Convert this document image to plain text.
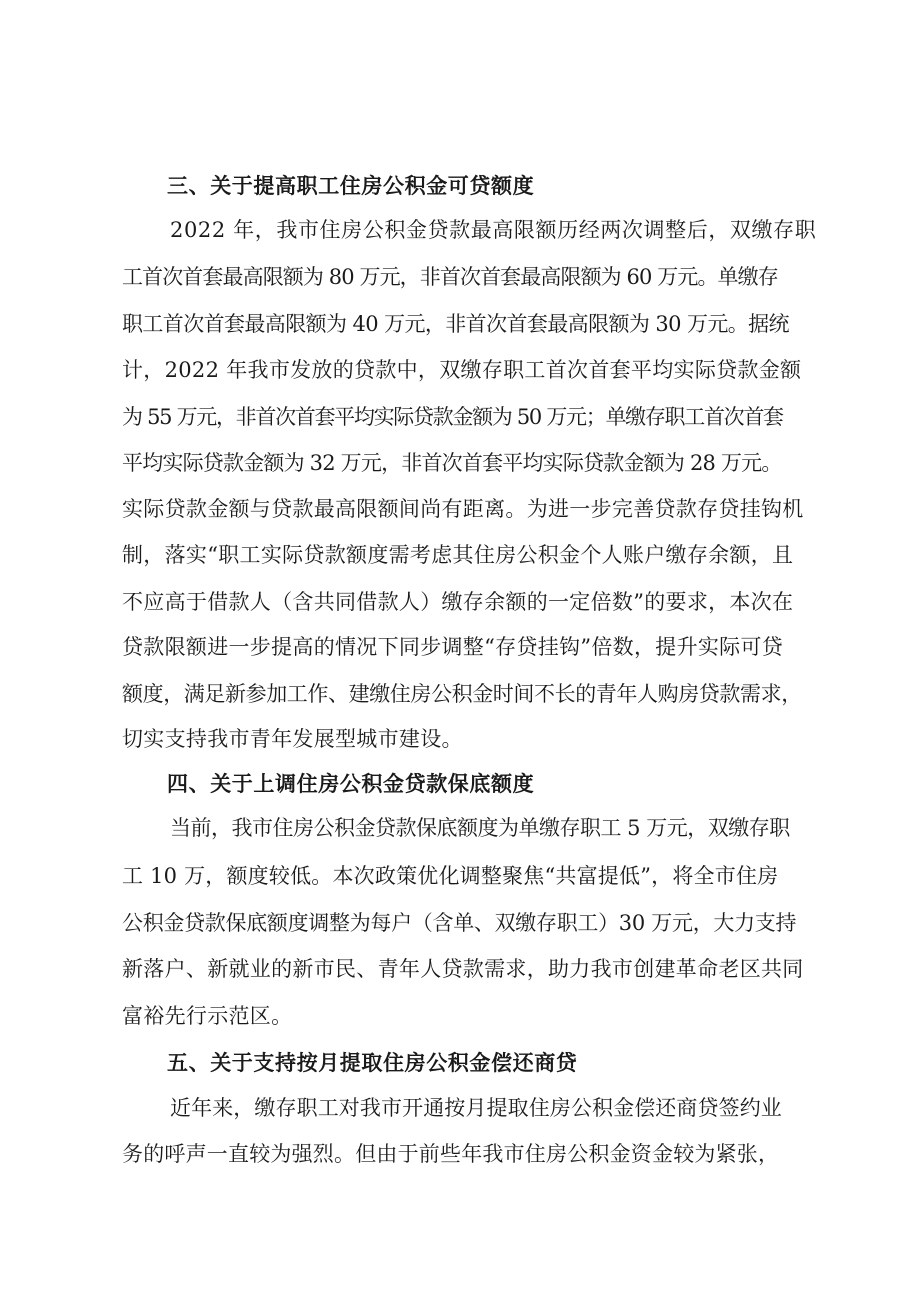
三、关于提高职工住房公积金可贷额度

2022 年，我市住房公积金贷款最高限额历经两次调整后，双缴存职

工首次首套最高限额为 80 万元，非首次首套最高限额为 60 万元。单缴存

职工首次首套最高限额为 40 万元，非首次首套最高限额为 30 万元。据统

计，2022 年我市发放的贷款中，双缴存职工首次首套平均实际贷款金额

为 55 万元，非首次首套平均实际贷款金额为 50 万元；单缴存职工首次首套

平均实际贷款金额为 32 万元，非首次首套平均实际贷款金额为 28 万元。

实际贷款金额与贷款最高限额间尚有距离。为进一步完善贷款存贷挂钩机

制，落实“职工实际贷款额度需考虑其住房公积金个人账户缴存余额，且

不应高于借款人（含共同借款人）缴存余额的一定倍数”的要求，本次在

贷款限额进一步提高的情况下同步调整“存贷挂钩”倍数，提升实际可贷

额度，满足新参加工作、建缴住房公积金时间不长的青年人购房贷款需求，

切实支持我市青年发展型城市建设。

四、关于上调住房公积金贷款保底额度

当前，我市住房公积金贷款保底额度为单缴存职工 5 万元，双缴存职

工 10 万，额度较低。本次政策优化调整聚焦“共富提低”，将全市住房

公积金贷款保底额度调整为每户（含单、双缴存职工）30 万元，大力支持

新落户、新就业的新市民、青年人贷款需求，助力我市创建革命老区共同

富裕先行示范区。

五、关于支持按月提取住房公积金偿还商贷

近年来，缴存职工对我市开通按月提取住房公积金偿还商贷签约业

务的呼声一直较为强烈。但由于前些年我市住房公积金资金较为紧张，
